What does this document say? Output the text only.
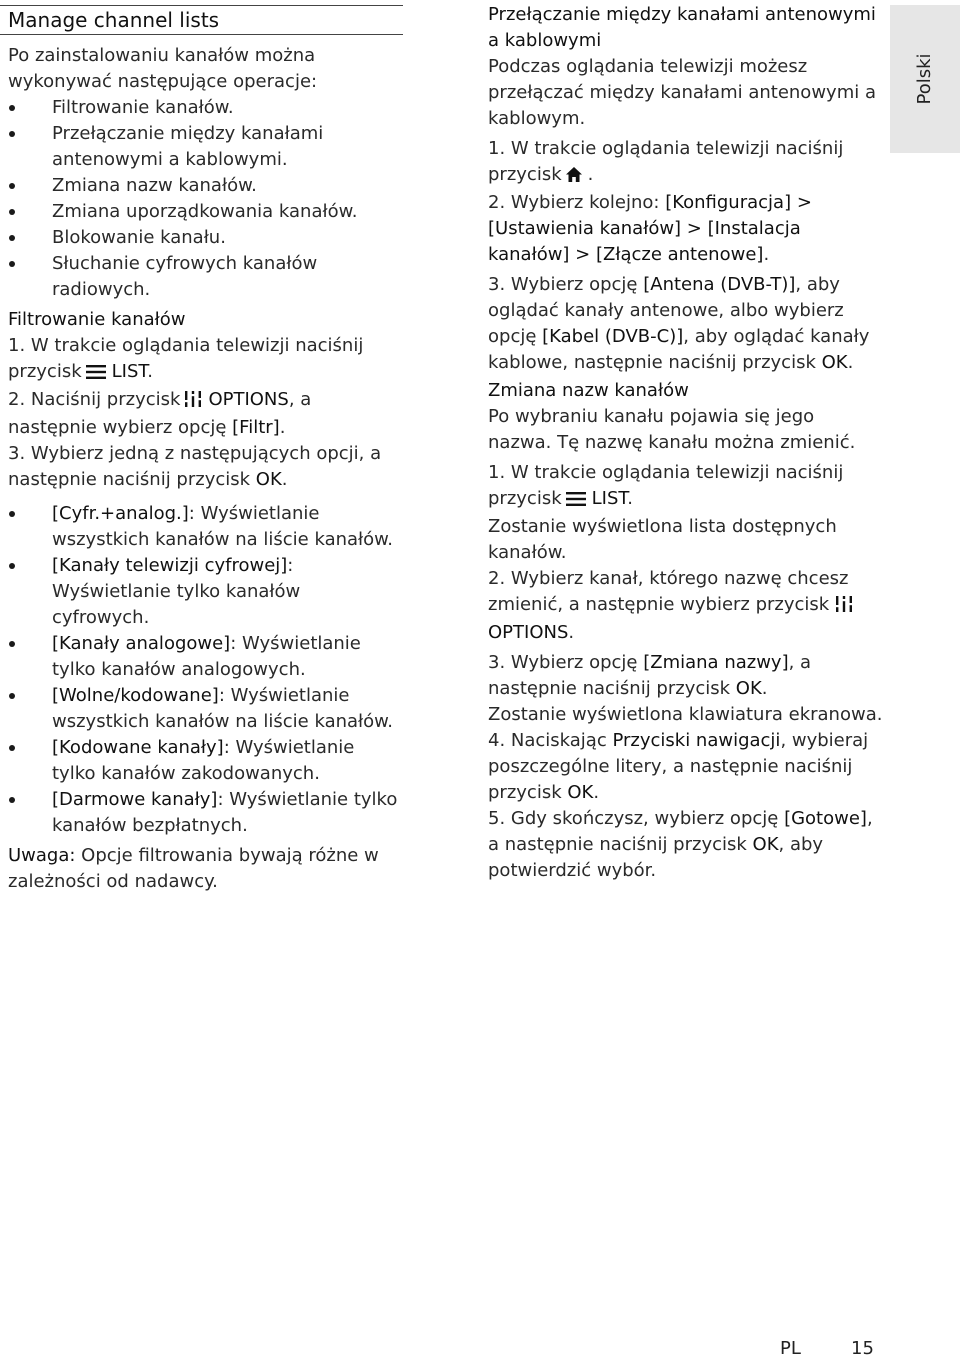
Manage channel lists

Po zainstalowaniu kanałów można wykonywać następujące operacje:

Filtrowanie kanałów.
Przełączanie między kanałami antenowymi a kablowymi.
Zmiana nazw kanałów.
Zmiana uporządkowania kanałów.
Blokowanie kanału.
Słuchanie cyfrowych kanałów radiowych.

Filtrowanie kanałów

1. W trakcie oglądania telewizji naciśnij przycisk LIST.

2. Naciśnij przycisk OPTIONS, a następnie wybierz opcję [Filtr].

3. Wybierz jedną z następujących opcji, a następnie naciśnij przycisk OK.

[Cyfr.+analog.]: Wyświetlanie wszystkich kanałów na liście kanałów.
[Kanały telewizji cyfrowej]: Wyświetlanie tylko kanałów cyfrowych.
[Kanały analogowe]: Wyświetlanie tylko kanałów analogowych.
[Wolne/kodowane]: Wyświetlanie wszystkich kanałów na liście kanałów.
[Kodowane kanały]: Wyświetlanie tylko kanałów zakodowanych.
[Darmowe kanały]: Wyświetlanie tylko kanałów bezpłatnych.

Uwaga: Opcje filtrowania bywają różne w zależności od nadawcy.

Przełączanie między kanałami antenowymi a kablowymi

Podczas oglądania telewizji możesz przełączać między kanałami antenowymi a kablowym.

1. W trakcie oglądania telewizji naciśnij przycisk .

2. Wybierz kolejno: [Konfiguracja] > [Ustawienia kanałów] > [Instalacja kanałów] > [Złącze antenowe].

3. Wybierz opcję [Antena (DVB-T)], aby oglądać kanały antenowe, albo wybierz opcję [Kabel (DVB-C)], aby oglądać kanały kablowe, następnie naciśnij przycisk OK.

Zmiana nazw kanałów

Po wybraniu kanału pojawia się jego nazwa. Tę nazwę kanału można zmienić.

1. W trakcie oglądania telewizji naciśnij przycisk LIST.

Zostanie wyświetlona lista dostępnych kanałów.

2. Wybierz kanał, którego nazwę chcesz zmienić, a następnie wybierz przycisk OPTIONS.

3. Wybierz opcję [Zmiana nazwy], a następnie naciśnij przycisk OK.

Zostanie wyświetlona klawiatura ekranowa.

4. Naciskając Przyciski nawigacji, wybieraj poszczególne litery, a następnie naciśnij przycisk OK.

5. Gdy skończysz, wybierz opcję [Gotowe], a następnie naciśnij przycisk OK, aby potwierdzić wybór.

Polski
PL	15
